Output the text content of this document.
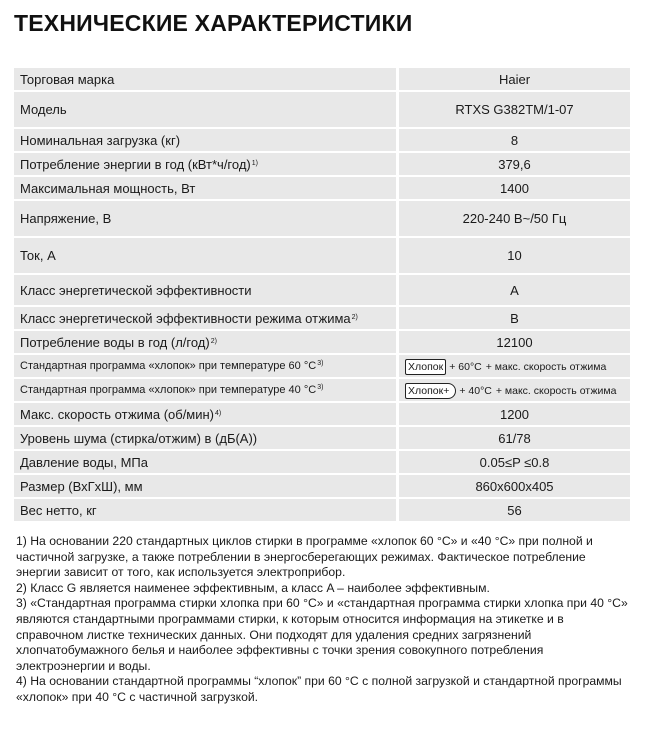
ТЕХНИЧЕСКИЕ ХАРАКТЕРИСТИКИ
Торговая марка	Haier
Модель	RTXS G382TM/1-07
Номинальная загрузка (кг)	8
Потребление энергии в год $(кВт*ч/год)^{1)}$	379,6
Максимальная мощность, Вт	1400
Напряжение, В	220-240 В~/50 Гц
Ток, А	10
Класс энергетической эффективности	A
Класс энергетической эффективности режима отжима$^{2)}$	B
Потребление воды в год $(л/год)^{2)}$	12100
Стандартная программа «хлопок» при температуре 60 $^\circ C^{3)}$	Хлопок + 60°C + макс. скорость отжима

Стандартная программа «хлопок» при температуре 40 $^\circ C^{3)}$	Хлопок+ + 40°C + макс. скорость отжима

Макс. скорость отжима $(об/мин)^{4)}$	1200
Уровень шума (стирка/отжим) в (дБ(А))	61/78
Давление воды, МПа	0.05≤P ≤0.8
Размер (ВхГхШ), мм	860x600x405
Вес нетто, кг	56

1) На основании 220 стандартных циклов стирки в программе «хлопок 60 °C» и «40 °C» при полной и частичной загрузке, а также потреблении в энергосберегающих режимах. Фактическое потребление энергии зависит от того, как используется электроприбор.

2) Класс G является наименее эффективным, а класс A – наиболее эффективным.

3) «Стандартная программа стирки хлопка при 60 °C» и «стандартная программа стирки хлопка при 40 °C» являются стандартными программами стирки, к которым относится информация на этикетке и в справочном листке технических данных. Они подходят для удаления средних загрязнений хлопчатобумажного белья и наиболее эффективны с точки зрения совокупного потребления электроэнергии и воды.

4) На основании стандартной программы “хлопок” при 60 °С с полной загрузкой и стандартной программы «хлопок» при 40 °С с частичной загрузкой.
